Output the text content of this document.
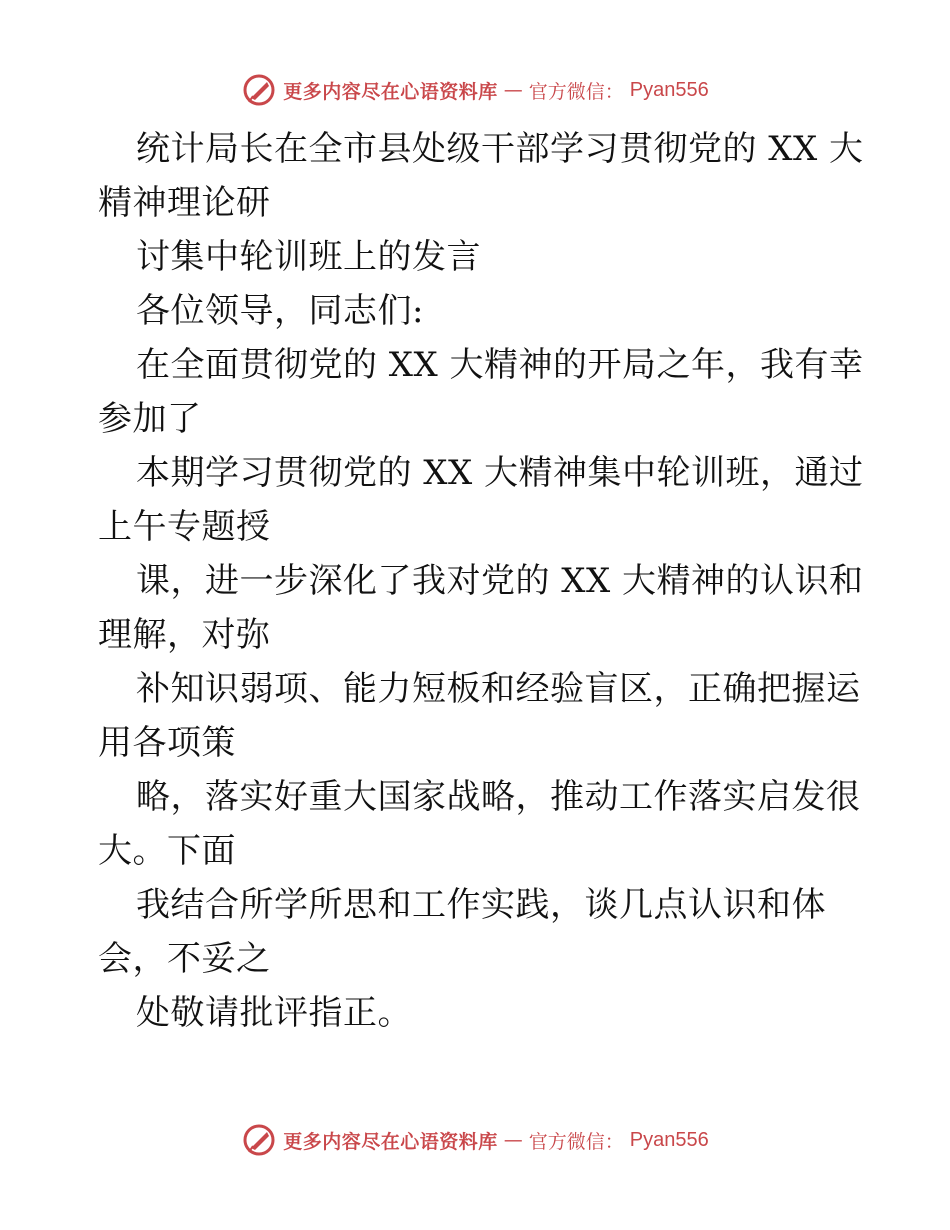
更多内容尽在心语资料库 — 官方微信： Pyan556
统计局长在全市县处级干部学习贯彻党的 XX 大
精神理论研
讨集中轮训班上的发言
各位领导，同志们:
在全面贯彻党的 XX 大精神的开局之年，我有幸
参加了
本期学习贯彻党的 XX 大精神集中轮训班，通过
上午专题授
课，进一步深化了我对党的 XX 大精神的认识和
理解，对弥
补知识弱项、能力短板和经验盲区，正确把握运
用各项策
略，落实好重大国家战略，推动工作落实启发很
大。下面
我结合所学所思和工作实践，谈几点认识和体
会，不妥之
处敬请批评指正。
更多内容尽在心语资料库 — 官方微信： Pyan556
